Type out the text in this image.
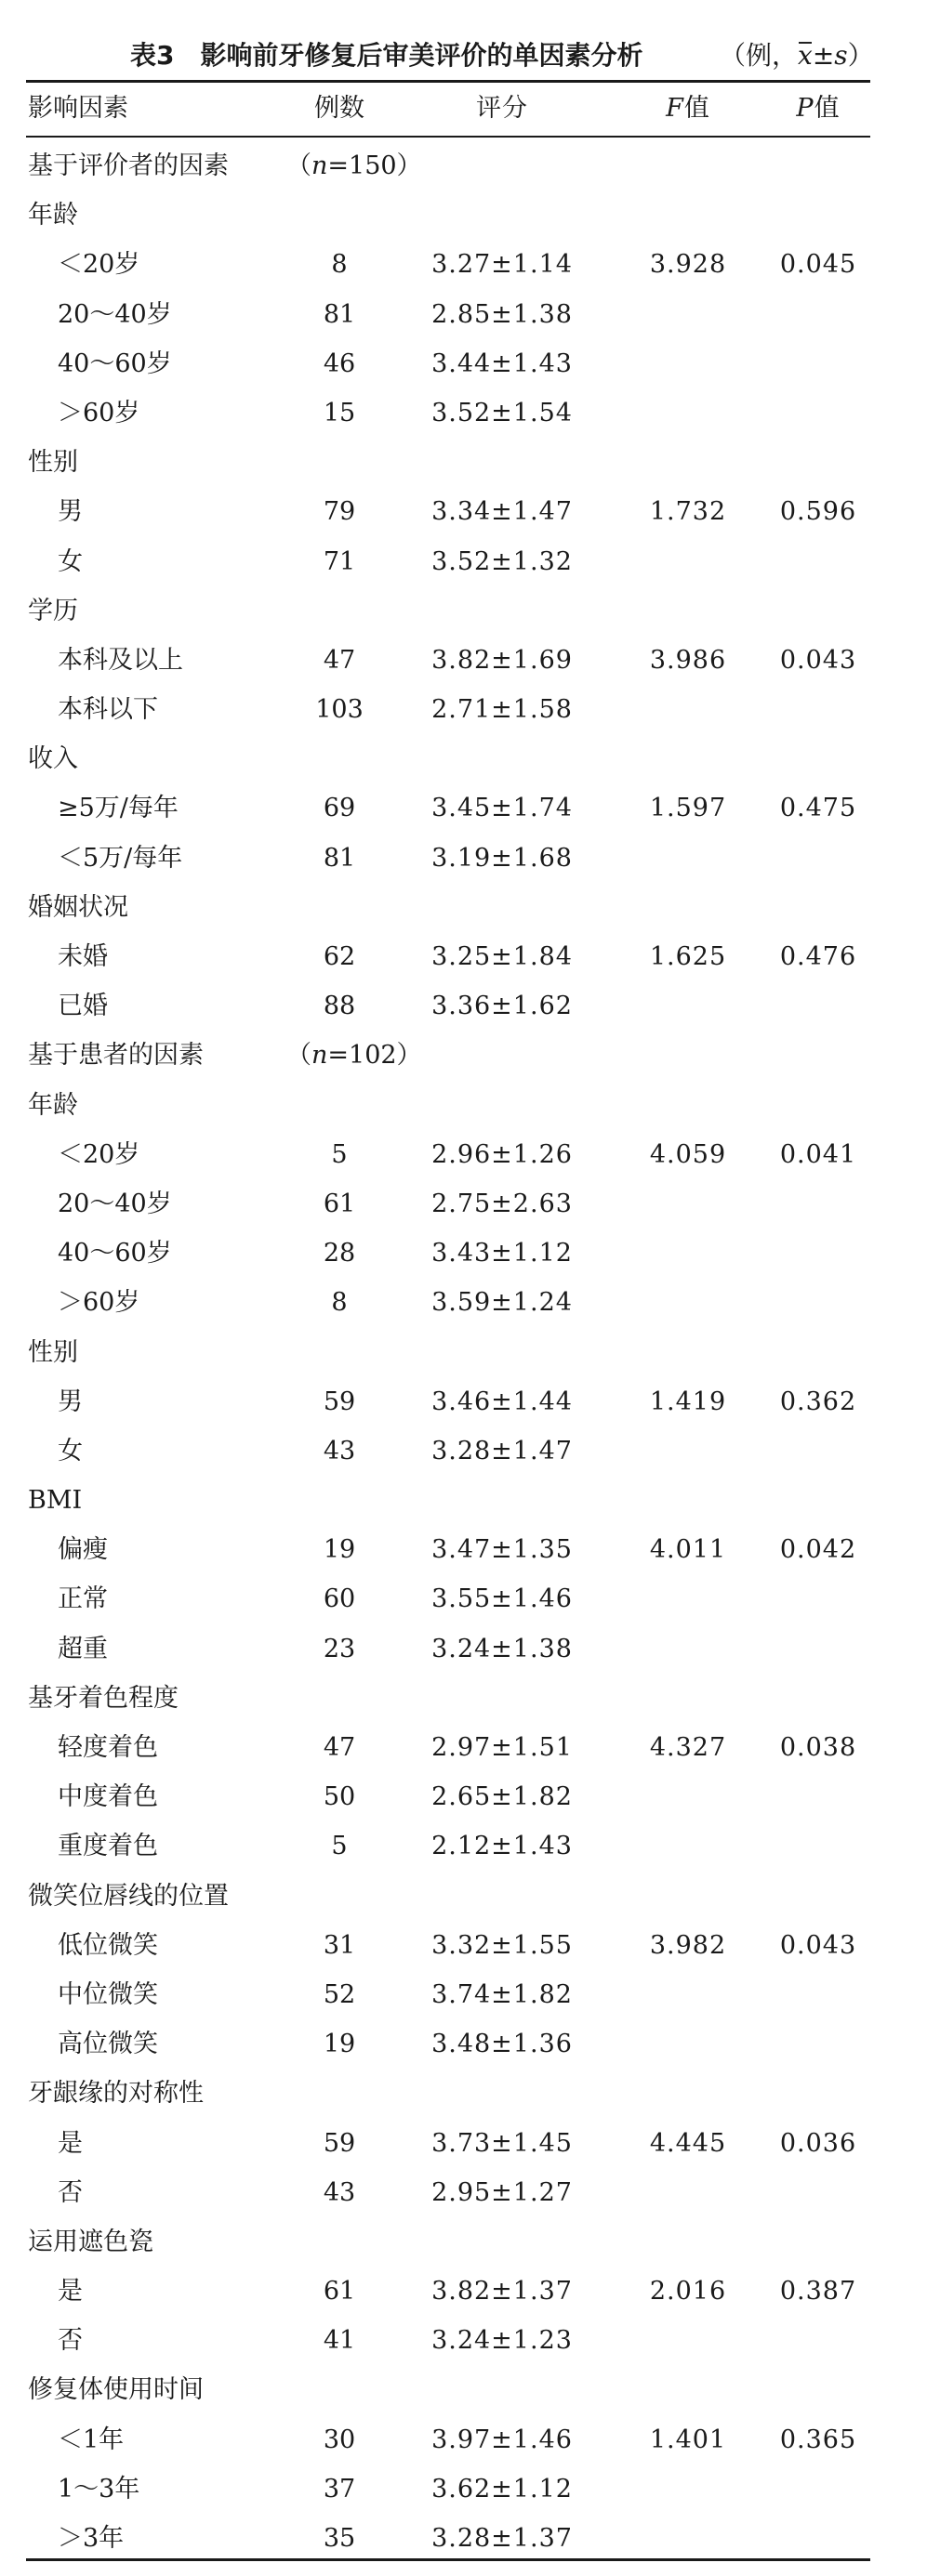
表3　影响前牙修复后审美评价的单因素分析	（例，x±s）
影响因素	例数	评分	F值	P值
基于评价者的因素 （n=150）
年龄
＜20岁	8	3.27±1.14	3.928	0.045
20～40岁	81	2.85±1.38
40～60岁	46	3.44±1.43
＞60岁	15	3.52±1.54
性别
男	79	3.34±1.47	1.732	0.596
女	71	3.52±1.32
学历
本科及以上	47	3.82±1.69	3.986	0.043
本科以下	103	2.71±1.58
收入
≥5万/每年	69	3.45±1.74	1.597	0.475
＜5万/每年	81	3.19±1.68
婚姻状况
未婚	62	3.25±1.84	1.625	0.476
已婚	88	3.36±1.62
基于患者的因素	（n=102）
年龄
＜20岁	5	2.96±1.26	4.059	0.041
20～40岁	61	2.75±2.63
40～60岁	28	3.43±1.12
＞60岁	8	3.59±1.24
性别
男	59	3.46±1.44	1.419	0.362
女	43	3.28±1.47
BMI
偏瘦	19	3.47±1.35	4.011	0.042
正常	60	3.55±1.46
超重	23	3.24±1.38
基牙着色程度
轻度着色	47	2.97±1.51	4.327	0.038
中度着色	50	2.65±1.82
重度着色	5	2.12±1.43
微笑位唇线的位置
低位微笑	31	3.32±1.55	3.982	0.043
中位微笑	52	3.74±1.82
高位微笑	19	3.48±1.36
牙龈缘的对称性
是	59	3.73±1.45	4.445	0.036
否	43	2.95±1.27
运用遮色瓷
是	61	3.82±1.37	2.016	0.387
否	41	3.24±1.23
修复体使用时间
＜1年	30	3.97±1.46	1.401	0.365
1～3年	37	3.62±1.12
＞3年	35	3.28±1.37
